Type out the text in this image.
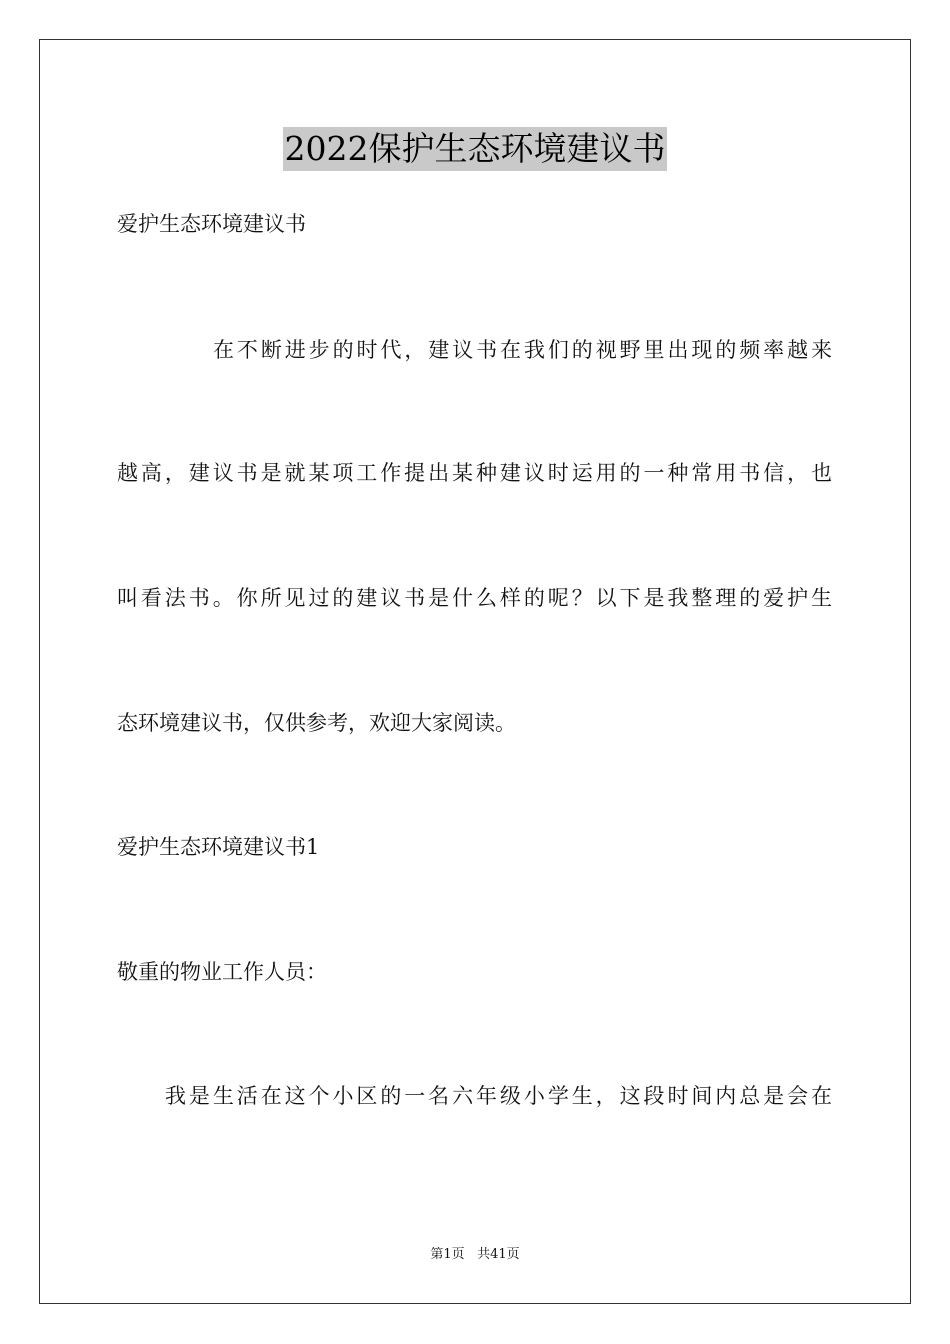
2022保护生态环境建议书
爱护生态环境建议书
在不断进步的时代，建议书在我们的视野里出现的频率越来
越高，建议书是就某项工作提出某种建议时运用的一种常用书信，也
叫看法书。你所见过的建议书是什么样的呢？以下是我整理的爱护生
态环境建议书，仅供参考，欢迎大家阅读。
爱护生态环境建议书1
敬重的物业工作人员：
我是生活在这个小区的一名六年级小学生，这段时间内总是会在
第1页 共41页
